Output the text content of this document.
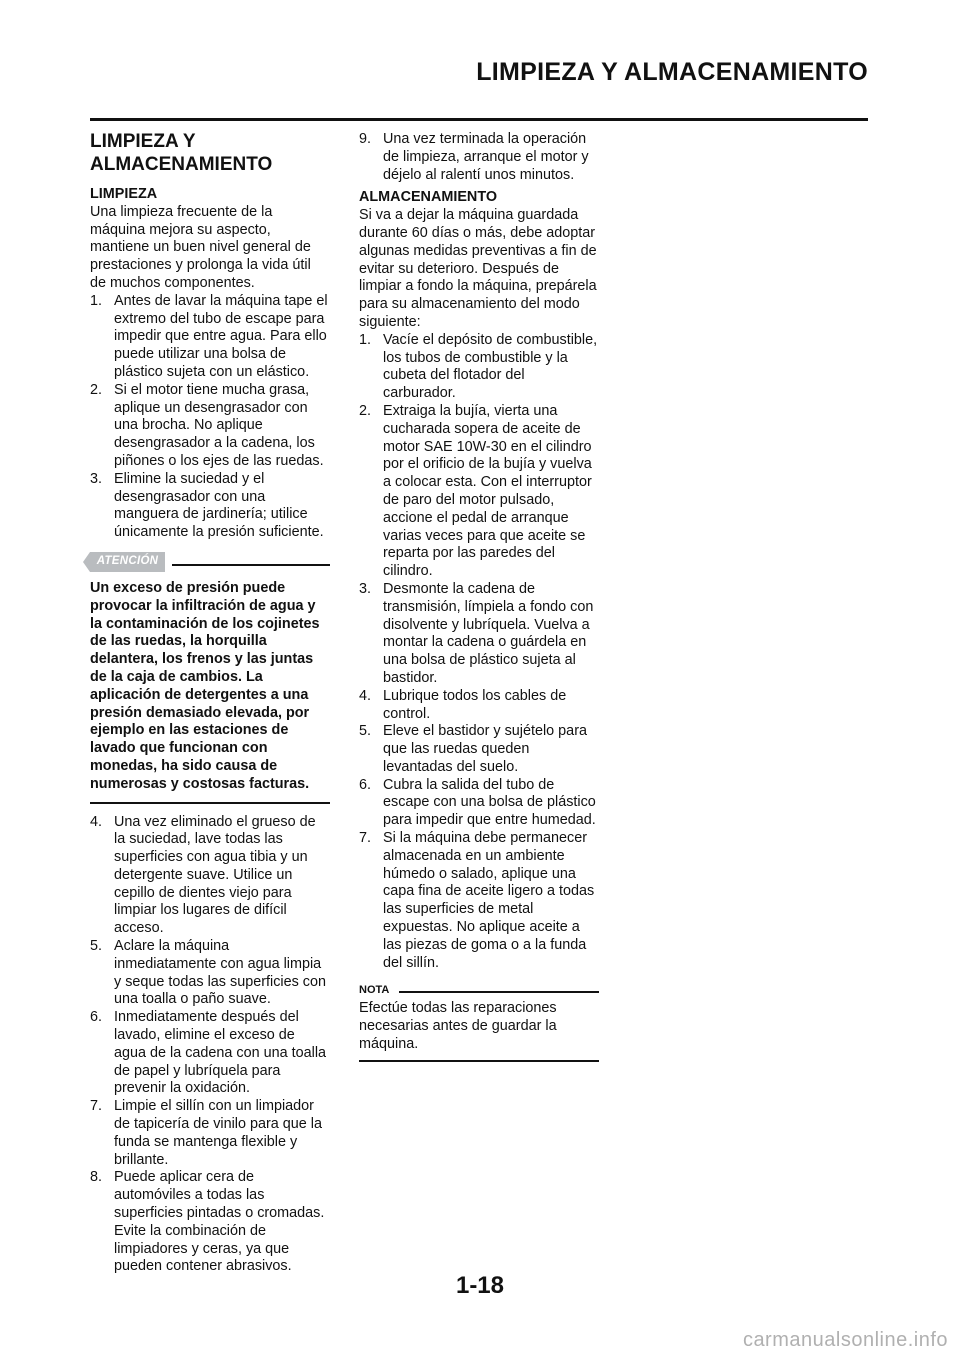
LIMPIEZA Y ALMACENAMIENTO
LIMPIEZA Y ALMACENAMIENTO

LIMPIEZA

Una limpieza frecuente de la máquina mejora su aspecto, mantiene un buen nivel general de prestaciones y prolonga la vida útil de muchos componentes.

1. Antes de lavar la máquina tape el extremo del tubo de escape para impedir que entre agua. Para ello puede utilizar una bolsa de plástico sujeta con un elástico.
2. Si el motor tiene mucha grasa, aplique un desengrasador con una brocha. No aplique desengrasador a la cadena, los piñones o los ejes de las ruedas.
3. Elimine la suciedad y el desengrasador con una manguera de jardinería; utilice únicamente la presión suficiente.
ATENCIÓN

Un exceso de presión puede provocar la infiltración de agua y la contaminación de los cojinetes de las ruedas, la horquilla delantera, los frenos y las juntas de la caja de cambios. La aplicación de detergentes a una presión demasiado elevada, por ejemplo en las estaciones de lavado que funcionan con monedas, ha sido causa de numerosas y costosas facturas.

4. Una vez eliminado el grueso de la suciedad, lave todas las superficies con agua tibia y un detergente suave. Utilice un cepillo de dientes viejo para limpiar los lugares de difícil acceso.
5. Aclare la máquina inmediatamente con agua limpia y seque todas las superficies con una toalla o paño suave.
6. Inmediatamente después del lavado, elimine el exceso de agua de la cadena con una toalla de papel y lubríquela para prevenir la oxidación.
7. Limpie el sillín con un limpiador de tapicería de vinilo para que la funda se mantenga flexible y brillante.
8. Puede aplicar cera de automóviles a todas las superficies pintadas o cromadas. Evite la combinación de limpiadores y ceras, ya que pueden contener abrasivos.
9. Una vez terminada la operación de limpieza, arranque el motor y déjelo al ralentí unos minutos.

ALMACENAMIENTO

Si va a dejar la máquina guardada durante 60 días o más, debe adoptar algunas medidas preventivas a fin de evitar su deterioro. Después de limpiar a fondo la máquina, prepárela para su almacenamiento del modo siguiente:

1. Vacíe el depósito de combustible, los tubos de combustible y la cubeta del flotador del carburador.
2. Extraiga la bujía, vierta una cucharada sopera de aceite de motor SAE 10W-30 en el cilindro por el orificio de la bujía y vuelva a colocar esta. Con el interruptor de paro del motor pulsado, accione el pedal de arranque varias veces para que aceite se reparta por las paredes del cilindro.
3. Desmonte la cadena de transmisión, límpiela a fondo con disolvente y lubríquela. Vuelva a montar la cadena o guárdela en una bolsa de plástico sujeta al bastidor.
4. Lubrique todos los cables de control.
5. Eleve el bastidor y sujételo para que las ruedas queden levantadas del suelo.
6. Cubra la salida del tubo de escape con una bolsa de plástico para impedir que entre humedad.
7. Si la máquina debe permanecer almacenada en un ambiente húmedo o salado, aplique una capa fina de aceite ligero a todas las superficies de metal expuestas. No aplique aceite a las piezas de goma o a la funda del sillín.
NOTA

Efectúe todas las reparaciones necesarias antes de guardar la máquina.

1-18
carmanualsonline.info
